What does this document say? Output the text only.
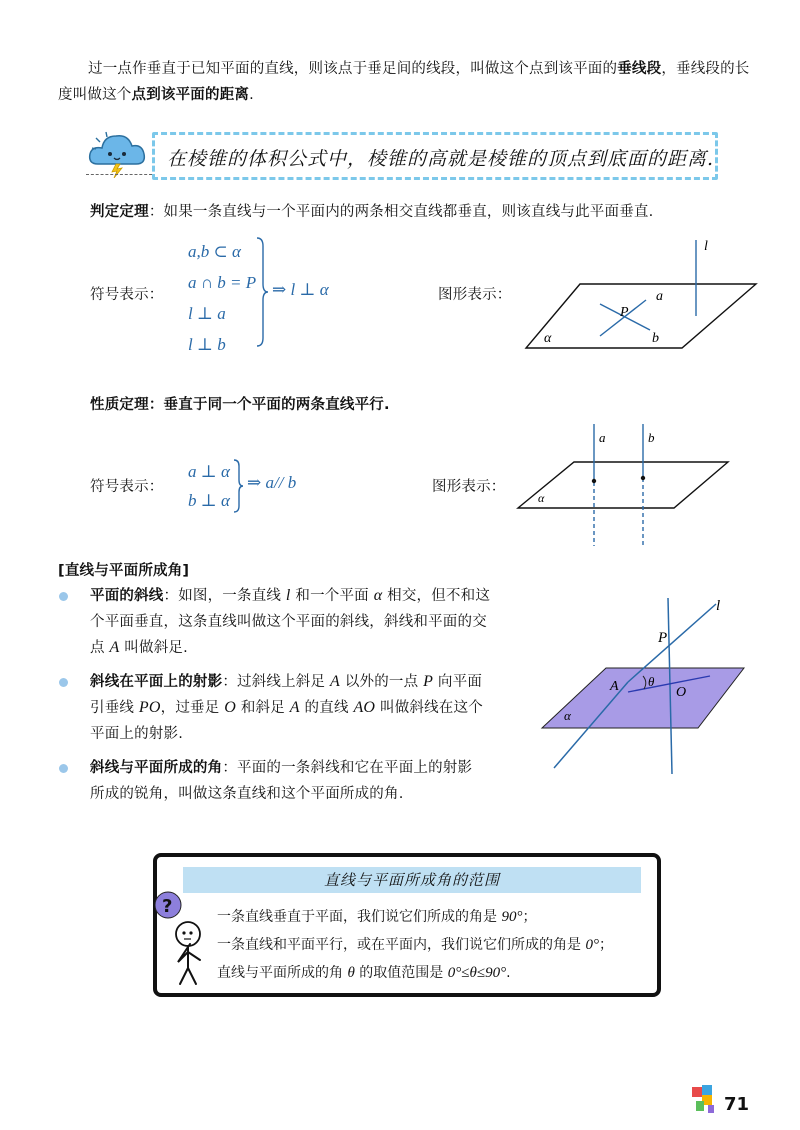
过一点作垂直于已知平面的直线，则该点于垂足间的线段，叫做这个点到该平面的垂线段，垂线段的长度叫做这个点到该平面的距离.
在棱锥的体积公式中，棱锥的高就是棱锥的顶点到底面的距离.
判定定理：如果一条直线与一个平面内的两条相交直线都垂直，则该直线与此平面垂直.
符号表示：
a,b ⊂ α
a ∩ b = P
l ⊥ a
l ⊥ b
⇒ l ⊥ α	图形表示：
l
a
P
b
α
性质定理：垂直于同一个平面的两条直线平行.
符号表示：
a ⊥ α
b ⊥ α
⇒ a// b	图形表示：
a	b
α
[直线与平面所成角]
平面的斜线：如图，一条直线 l 和一个平面 α 相交，但不和这
个平面垂直，这条直线叫做这个平面的斜线，斜线和平面的交
点 A 叫做斜足.
斜线在平面上的射影：过斜线上斜足 A 以外的一点 P 向平面
引垂线 PO，过垂足 O 和斜足 A 的直线 AO 叫做斜线在这个
平面上的射影.
斜线与平面所成的角：平面的一条斜线和它在平面上的射影
所成的锐角，叫做这条直线和这个平面所成的角.
l
P
A θ
O
α
直线与平面所成角的范围
一条直线垂直于平面，我们说它们所成的角是 90°；
一条直线和平面平行，或在平面内，我们说它们所成的角是 0°；
直线与平面所成的角 θ 的取值范围是 0°≤θ≤90°.
?
71
